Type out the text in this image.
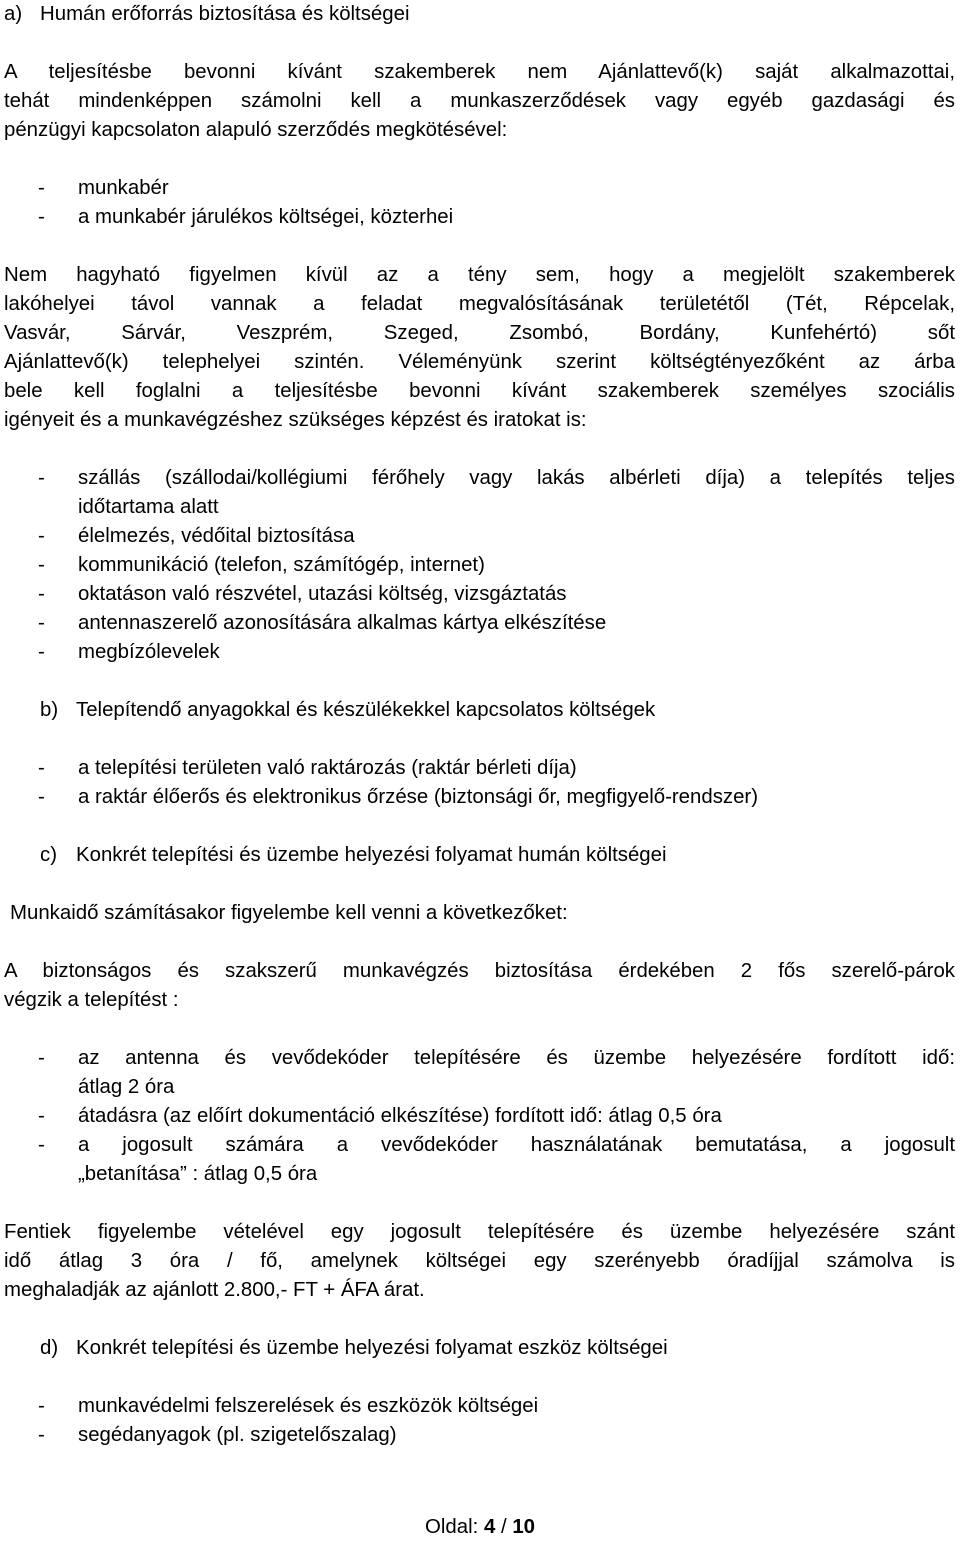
a) Humán erőforrás biztosítása és költségei
A teljesítésbe bevonni kívánt szakemberek nem Ajánlattevő(k) saját alkalmazottai,
tehát mindenképpen számolni kell a munkaszerződések vagy egyéb gazdasági és
pénzügyi kapcsolaton alapuló szerződés megkötésével:
- munkabér
- a munkabér járulékos költségei, közterhei
Nem hagyható figyelmen kívül az a tény sem, hogy a megjelölt szakemberek
lakóhelyei távol vannak a feladat megvalósításának területétől (Tét, Répcelak,
Vasvár, Sárvár, Veszprém, Szeged, Zsombó, Bordány, Kunfehértó) sőt
Ajánlattevő(k) telephelyei szintén. Véleményünk szerint költségtényezőként az árba
bele kell foglalni a teljesítésbe bevonni kívánt szakemberek személyes szociális
igényeit és a munkavégzéshez szükséges képzést és iratokat is:
- szállás (szállodai/kollégiumi férőhely vagy lakás albérleti díja) a telepítés teljes
időtartama alatt
- élelmezés, védőital biztosítása
- kommunikáció (telefon, számítógép, internet)
- oktatáson való részvétel, utazási költség, vizsgáztatás
- antennaszerelő azonosítására alkalmas kártya elkészítése
- megbízólevelek
b) Telepítendő anyagokkal és készülékekkel kapcsolatos költségek
- a telepítési területen való raktározás (raktár bérleti díja)
- a raktár élőerős és elektronikus őrzése (biztonsági őr, megfigyelő-rendszer)
c) Konkrét telepítési és üzembe helyezési folyamat humán költségei
Munkaidő számításakor figyelembe kell venni a következőket:
A biztonságos és szakszerű munkavégzés biztosítása érdekében 2 fős szerelő-párok
végzik a telepítést :
- az antenna és vevődekóder telepítésére és üzembe helyezésére fordított idő:
átlag 2 óra
- átadásra (az előírt dokumentáció elkészítése) fordított idő: átlag 0,5 óra
- a jogosult számára a vevődekóder használatának bemutatása, a jogosult
„betanítása” : átlag 0,5 óra
Fentiek figyelembe vételével egy jogosult telepítésére és üzembe helyezésére szánt
idő átlag 3 óra / fő, amelynek költségei egy szerényebb óradíjjal számolva is
meghaladják az ajánlott 2.800,- FT + ÁFA árat.
d) Konkrét telepítési és üzembe helyezési folyamat eszköz költségei
- munkavédelmi felszerelések és eszközök költségei
- segédanyagok (pl. szigetelőszalag)
Oldal: 4 / 10
